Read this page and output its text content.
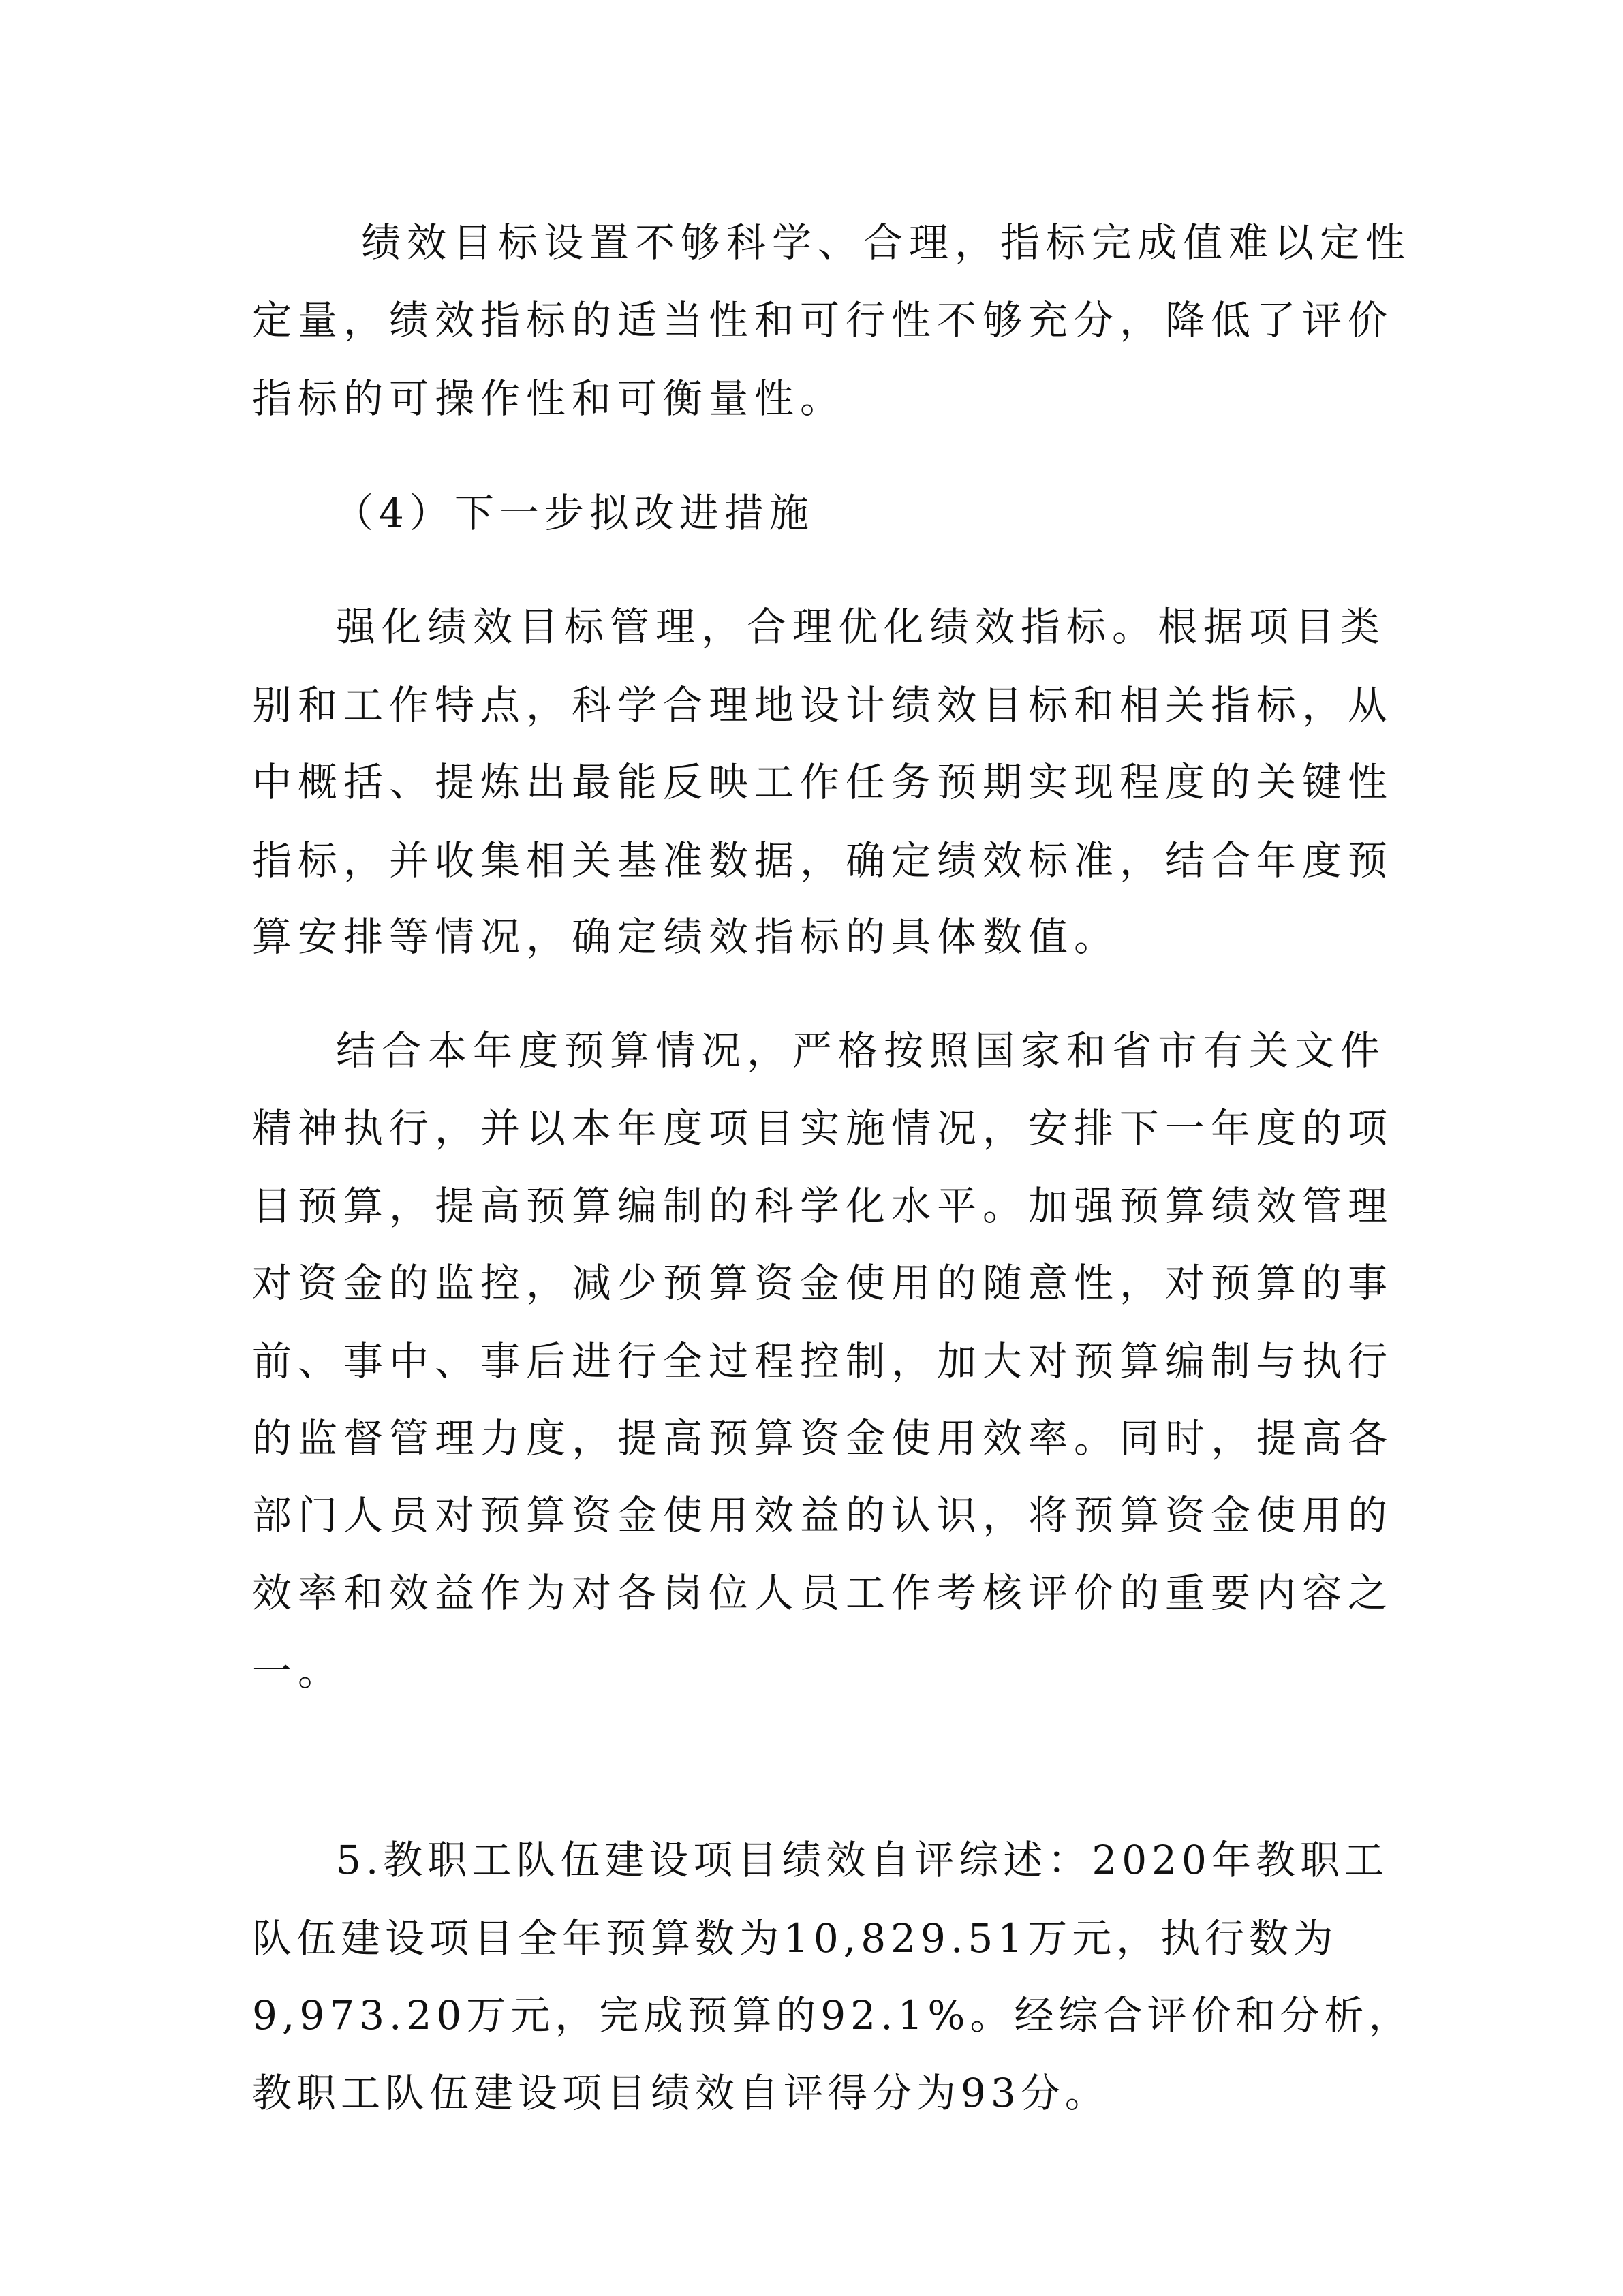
绩效目标设置不够科学、合理，指标完成值难以定性
定量，绩效指标的适当性和可行性不够充分，降低了评价
指标的可操作性和可衡量性。
（4）下一步拟改进措施
强化绩效目标管理，合理优化绩效指标。根据项目类
别和工作特点，科学合理地设计绩效目标和相关指标，从
中概括、提炼出最能反映工作任务预期实现程度的关键性
指标，并收集相关基准数据，确定绩效标准，结合年度预
算安排等情况，确定绩效指标的具体数值。
结合本年度预算情况，严格按照国家和省市有关文件
精神执行，并以本年度项目实施情况，安排下一年度的项
目预算，提高预算编制的科学化水平。加强预算绩效管理
对资金的监控，减少预算资金使用的随意性，对预算的事
前、事中、事后进行全过程控制，加大对预算编制与执行
的监督管理力度，提高预算资金使用效率。同时，提高各
部门人员对预算资金使用效益的认识，将预算资金使用的
效率和效益作为对各岗位人员工作考核评价的重要内容之
一。
5.教职工队伍建设项目绩效自评综述：2020年教职工
队伍建设项目全年预算数为10,829.51万元，执行数为
9,973.20万元，完成预算的92.1%。经综合评价和分析，
教职工队伍建设项目绩效自评得分为93分。
